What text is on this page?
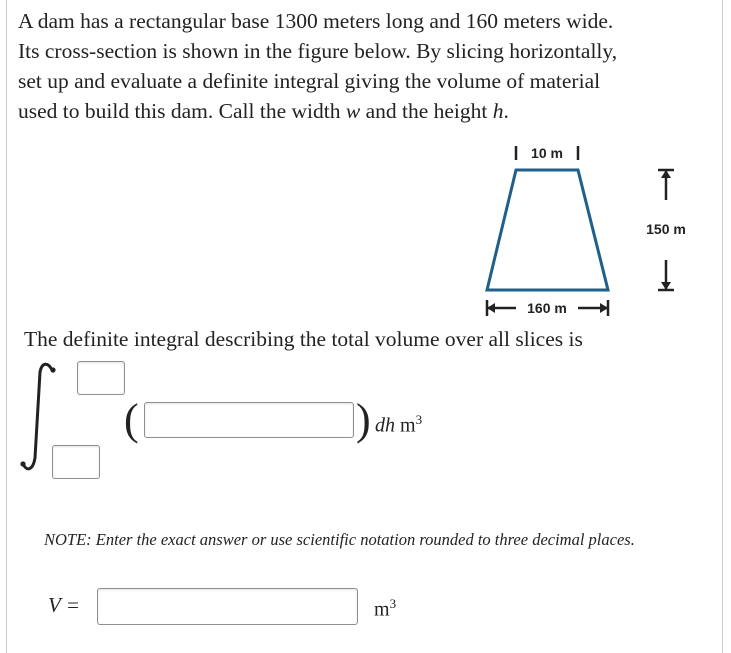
A dam has a rectangular base 1300 meters long and 160 meters wide.
Its cross-section is shown in the figure below. By slicing horizontally,
set up and evaluate a definite integral giving the volume of material
used to build this dam. Call the width w and the height h.
10 m
150 m
160 m
The definite integral describing the total volume over all slices is
(	) dh $m^3$
NOTE: Enter the exact answer or use scientific notation rounded to three decimal places.
V =	$m^3$
